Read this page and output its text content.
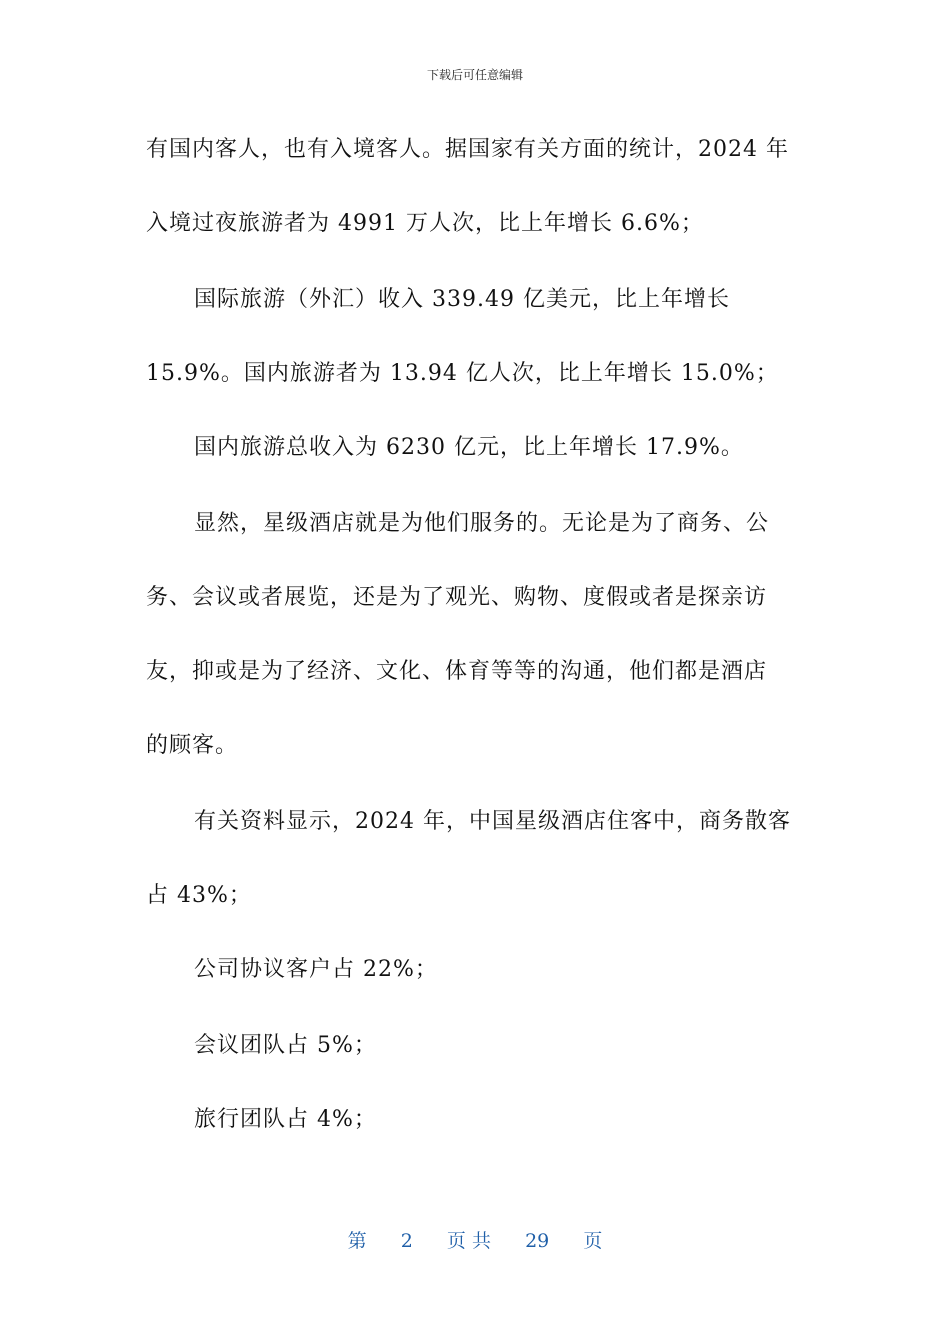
下载后可任意编辑
有国内客人，也有入境客人。据国家有关方面的统计，2024 年
入境过夜旅游者为 4991 万人次，比上年增长 6.6%；
国际旅游（外汇）收入 339.49 亿美元，比上年增长
15.9%。国内旅游者为 13.94 亿人次，比上年增长 15.0%；
国内旅游总收入为 6230 亿元，比上年增长 17.9%。
显然，星级酒店就是为他们服务的。无论是为了商务、公
务、会议或者展览，还是为了观光、购物、度假或者是探亲访
友，抑或是为了经济、文化、体育等等的沟通，他们都是酒店
的顾客。
有关资料显示，2024 年，中国星级酒店住客中，商务散客
占 43%；
公司协议客户占 22%；
会议团队占 5%；
旅行团队占 4%；
第 2 页 共 29 页
